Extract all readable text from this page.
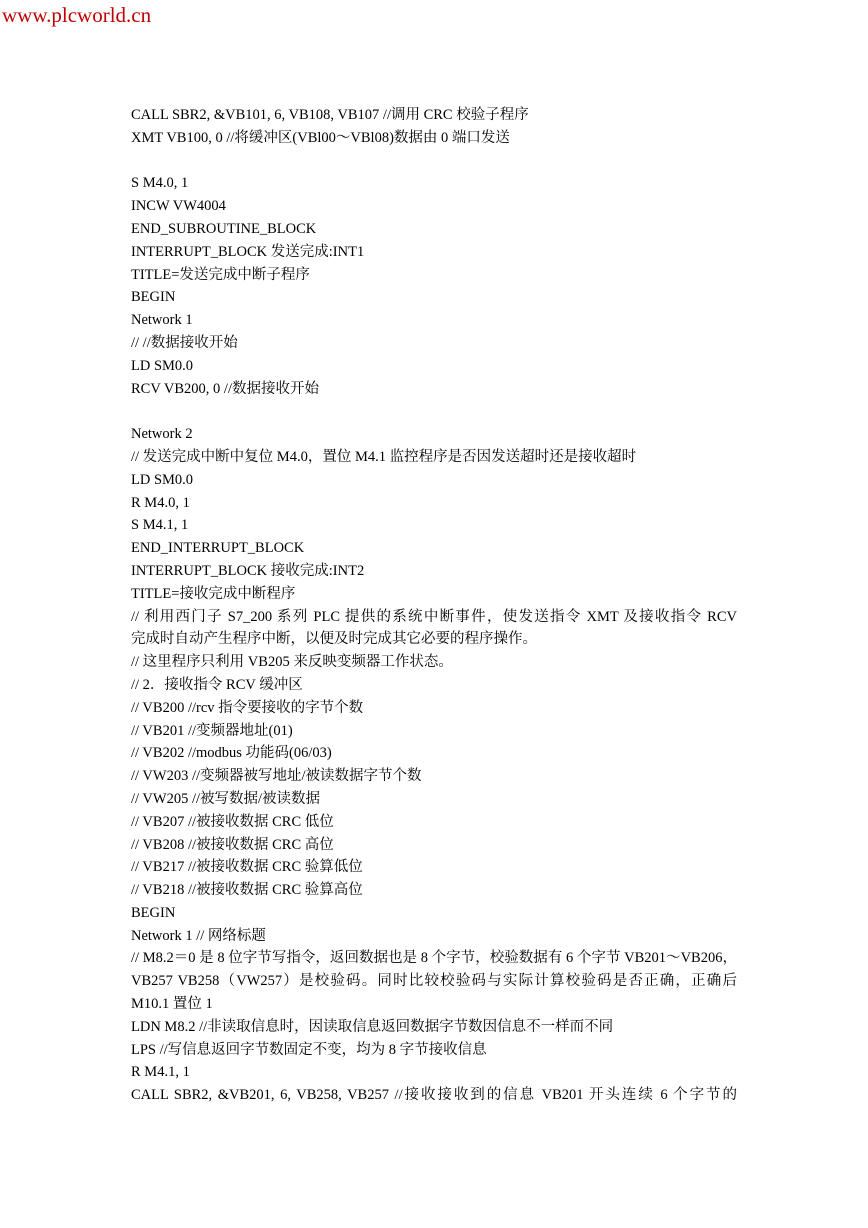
www.plcworld.cn
CALL SBR2, &VB101, 6, VB108, VB107 //调用 CRC 校验子程序
XMT VB100, 0 //将缓冲区(VBl00～VBl08)数据由 0 端口发送
S M4.0, 1
INCW VW4004
END_SUBROUTINE_BLOCK
INTERRUPT_BLOCK 发送完成:INT1
TITLE=发送完成中断子程序
BEGIN
Network 1
// //数据接收开始
LD SM0.0
RCV VB200, 0 //数据接收开始
Network 2
// 发送完成中断中复位 M4.0，置位 M4.1 监控程序是否因发送超时还是接收超时
LD SM0.0
R M4.0, 1
S M4.1, 1
END_INTERRUPT_BLOCK
INTERRUPT_BLOCK 接收完成:INT2
TITLE=接收完成中断程序
// 利用西门子 S7_200 系列 PLC 提供的系统中断事件，使发送指令 XMT 及接收指令 RCV
完成时自动产生程序中断，以便及时完成其它必要的程序操作。
// 这里程序只利用 VB205 来反映变频器工作状态。
// 2．接收指令 RCV 缓冲区
// VB200 //rcv 指令要接收的字节个数
// VB201 //变频器地址(01)
// VB202 //modbus 功能码(06/03)
// VW203 //变频器被写地址/被读数据字节个数
// VW205 //被写数据/被读数据
// VB207 //被接收数据 CRC 低位
// VB208 //被接收数据 CRC 高位
// VB217 //被接收数据 CRC 验算低位
// VB218 //被接收数据 CRC 验算高位
BEGIN
Network 1 // 网络标题
// M8.2＝0 是 8 位字节写指令，返回数据也是 8 个字节，校验数据有 6 个字节 VB201～VB206，
VB257 VB258（VW257）是校验码。同时比较校验码与实际计算校验码是否正确，正确后
M10.1 置位 1
LDN M8.2 //非读取信息时，因读取信息返回数据字节数因信息不一样而不同
LPS //写信息返回字节数固定不变，均为 8 字节接收信息
R M4.1, 1
CALL SBR2, &VB201, 6, VB258, VB257 //接收接收到的信息 VB201 开头连续 6 个字节的
